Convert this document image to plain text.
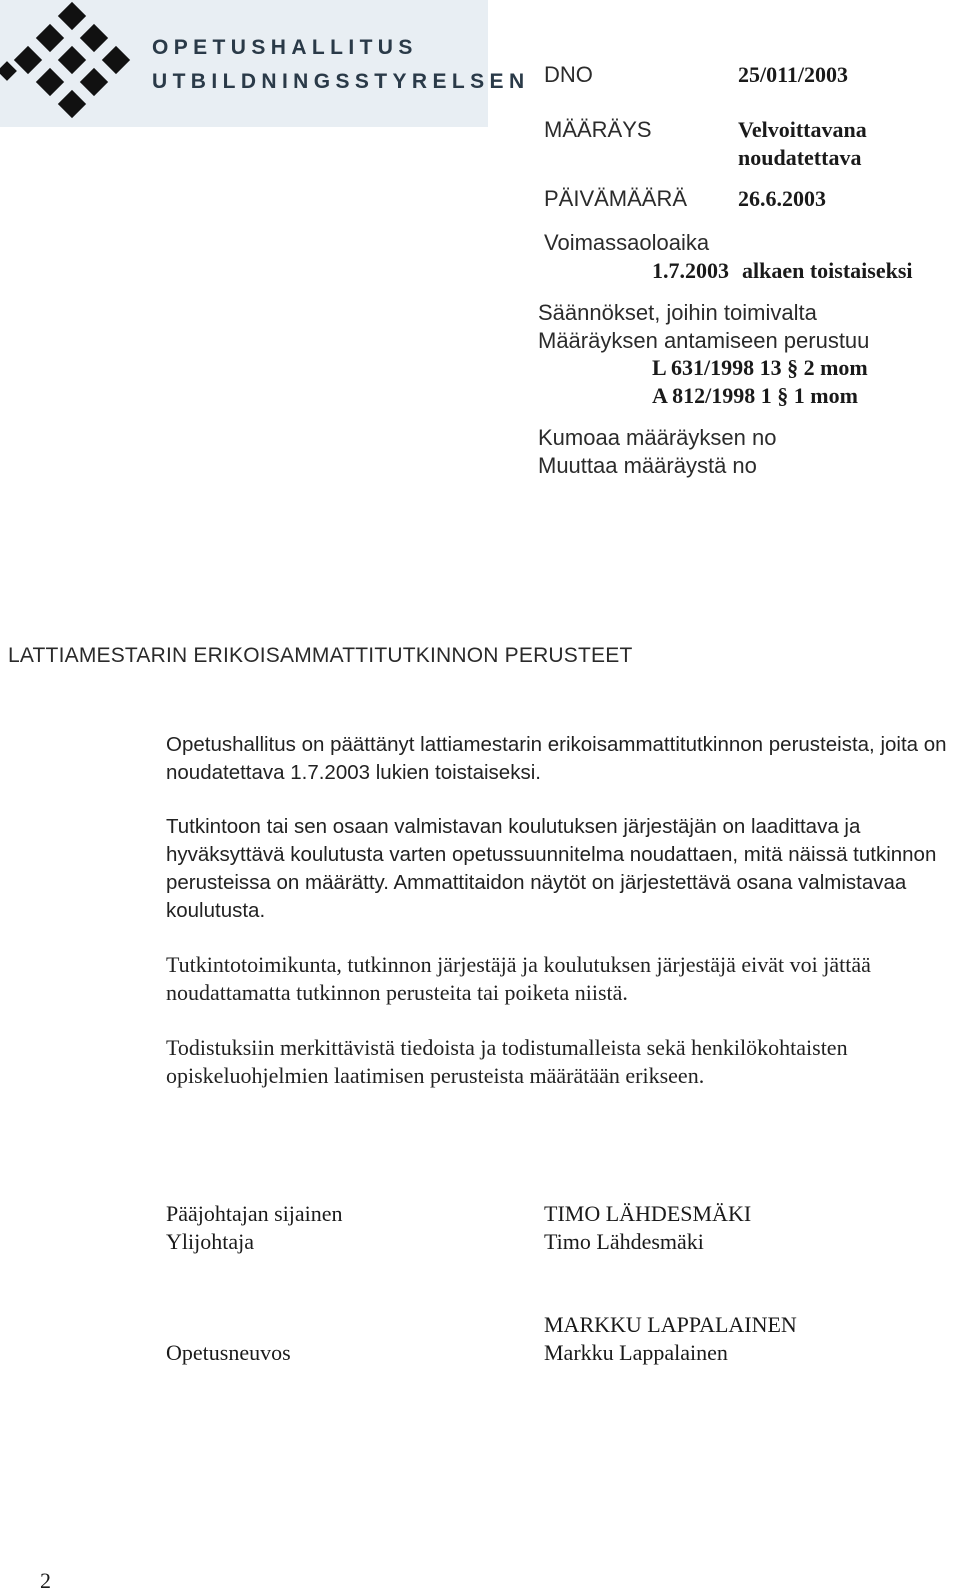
OPETUSHALLITUS
UTBILDNINGSSTYRELSEN DNO	25/011/2003
MÄÄRÄYS	Velvoittavana
noudatettava
PÄIVÄMÄÄRÄ 26.6.2003
Voimassaoloaika
1.7.2003 alkaen toistaiseksi
Säännökset, joihin toimivalta
Määräyksen antamiseen perustuu
L 631/1998 13 § 2 mom
A 812/1998 1 § 1 mom
Kumoaa määräyksen no
Muuttaa määräystä no
LATTIAMESTARIN ERIKOISAMMATTITUTKINNON PERUSTEET
Opetushallitus on päättänyt lattiamestarin erikoisammattitutkinnon perusteista, joita on noudatettava 1.7.2003 lukien toistaiseksi.
Tutkintoon tai sen osaan valmistavan koulutuksen järjestäjän on laadittava ja hyväksyttävä koulutusta varten opetussuunnitelma noudattaen, mitä näissä tutkinnon perusteissa on määrätty. Ammattitaidon näytöt on järjestettävä osana valmistavaa koulutusta.
Tutkintotoimikunta, tutkinnon järjestäjä ja koulutuksen järjestäjä eivät voi jättää noudattamatta tutkinnon perusteita tai poiketa niistä.
Todistuksiin merkittävistä tiedoista ja todistumalleista sekä henkilökohtaisten opiskeluohjelmien laatimisen perusteista määrätään erikseen.
Pääjohtajan sijainen
Ylijohtaja
TIMO LÄHDESMÄKI
Timo Lähdesmäki
Opetusneuvos
MARKKU LAPPALAINEN
Markku Lappalainen
2
